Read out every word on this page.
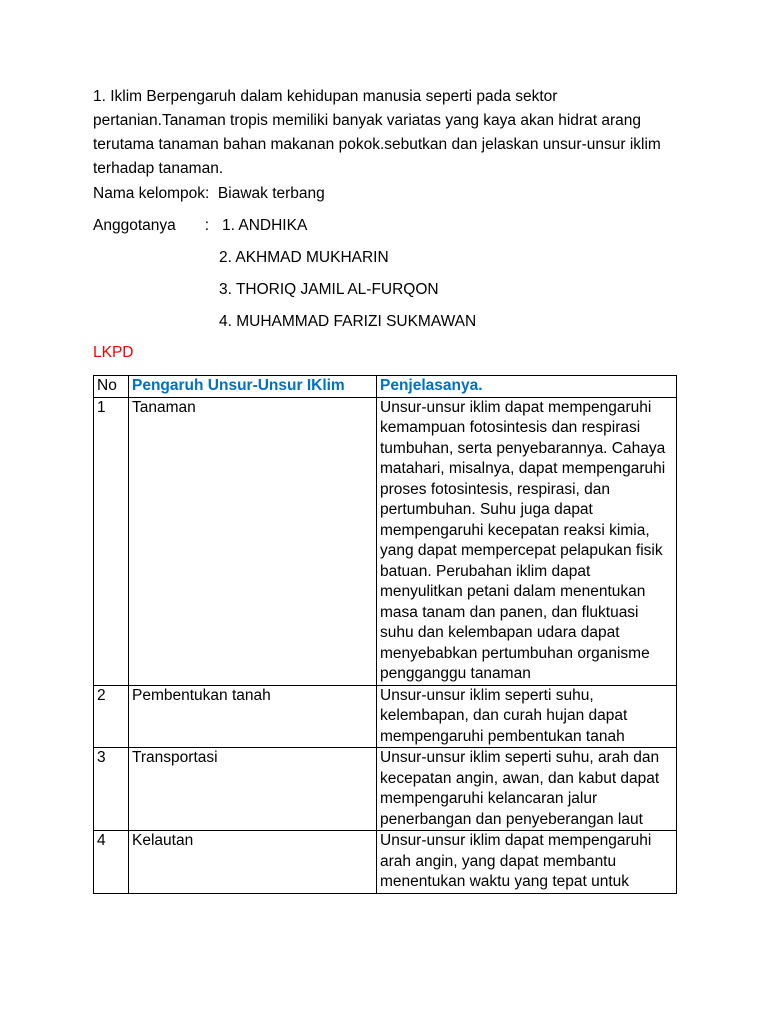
1. Iklim Berpengaruh dalam kehidupan manusia seperti pada sektor pertanian.Tanaman tropis memiliki banyak variatas yang kaya akan hidrat arang terutama tanaman bahan makanan pokok.sebutkan dan jelaskan unsur-unsur iklim terhadap tanaman.
Nama kelompok: Biawak terbang
Anggotanya : 1. ANDHIKA
2. AKHMAD MUKHARIN
3. THORIQ JAMIL AL-FURQON
4. MUHAMMAD FARIZI SUKMAWAN
LKPD
No	Pengaruh Unsur-Unsur IKlim	Penjelasanya.
1	Tanaman	Unsur-unsur iklim dapat mempengaruhi kemampuan fotosintesis dan respirasi tumbuhan, serta penyebarannya. Cahaya matahari, misalnya, dapat mempengaruhi proses fotosintesis, respirasi, dan pertumbuhan. Suhu juga dapat mempengaruhi kecepatan reaksi kimia, yang dapat mempercepat pelapukan fisik batuan. Perubahan iklim dapat menyulitkan petani dalam menentukan masa tanam dan panen, dan fluktuasi suhu dan kelembapan udara dapat menyebabkan pertumbuhan organisme pengganggu tanaman
2	Pembentukan tanah	Unsur-unsur iklim seperti suhu, kelembapan, dan curah hujan dapat mempengaruhi pembentukan tanah
3	Transportasi	Unsur-unsur iklim seperti suhu, arah dan kecepatan angin, awan, dan kabut dapat mempengaruhi kelancaran jalur penerbangan dan penyeberangan laut
4	Kelautan	Unsur-unsur iklim dapat mempengaruhi arah angin, yang dapat membantu menentukan waktu yang tepat untuk
